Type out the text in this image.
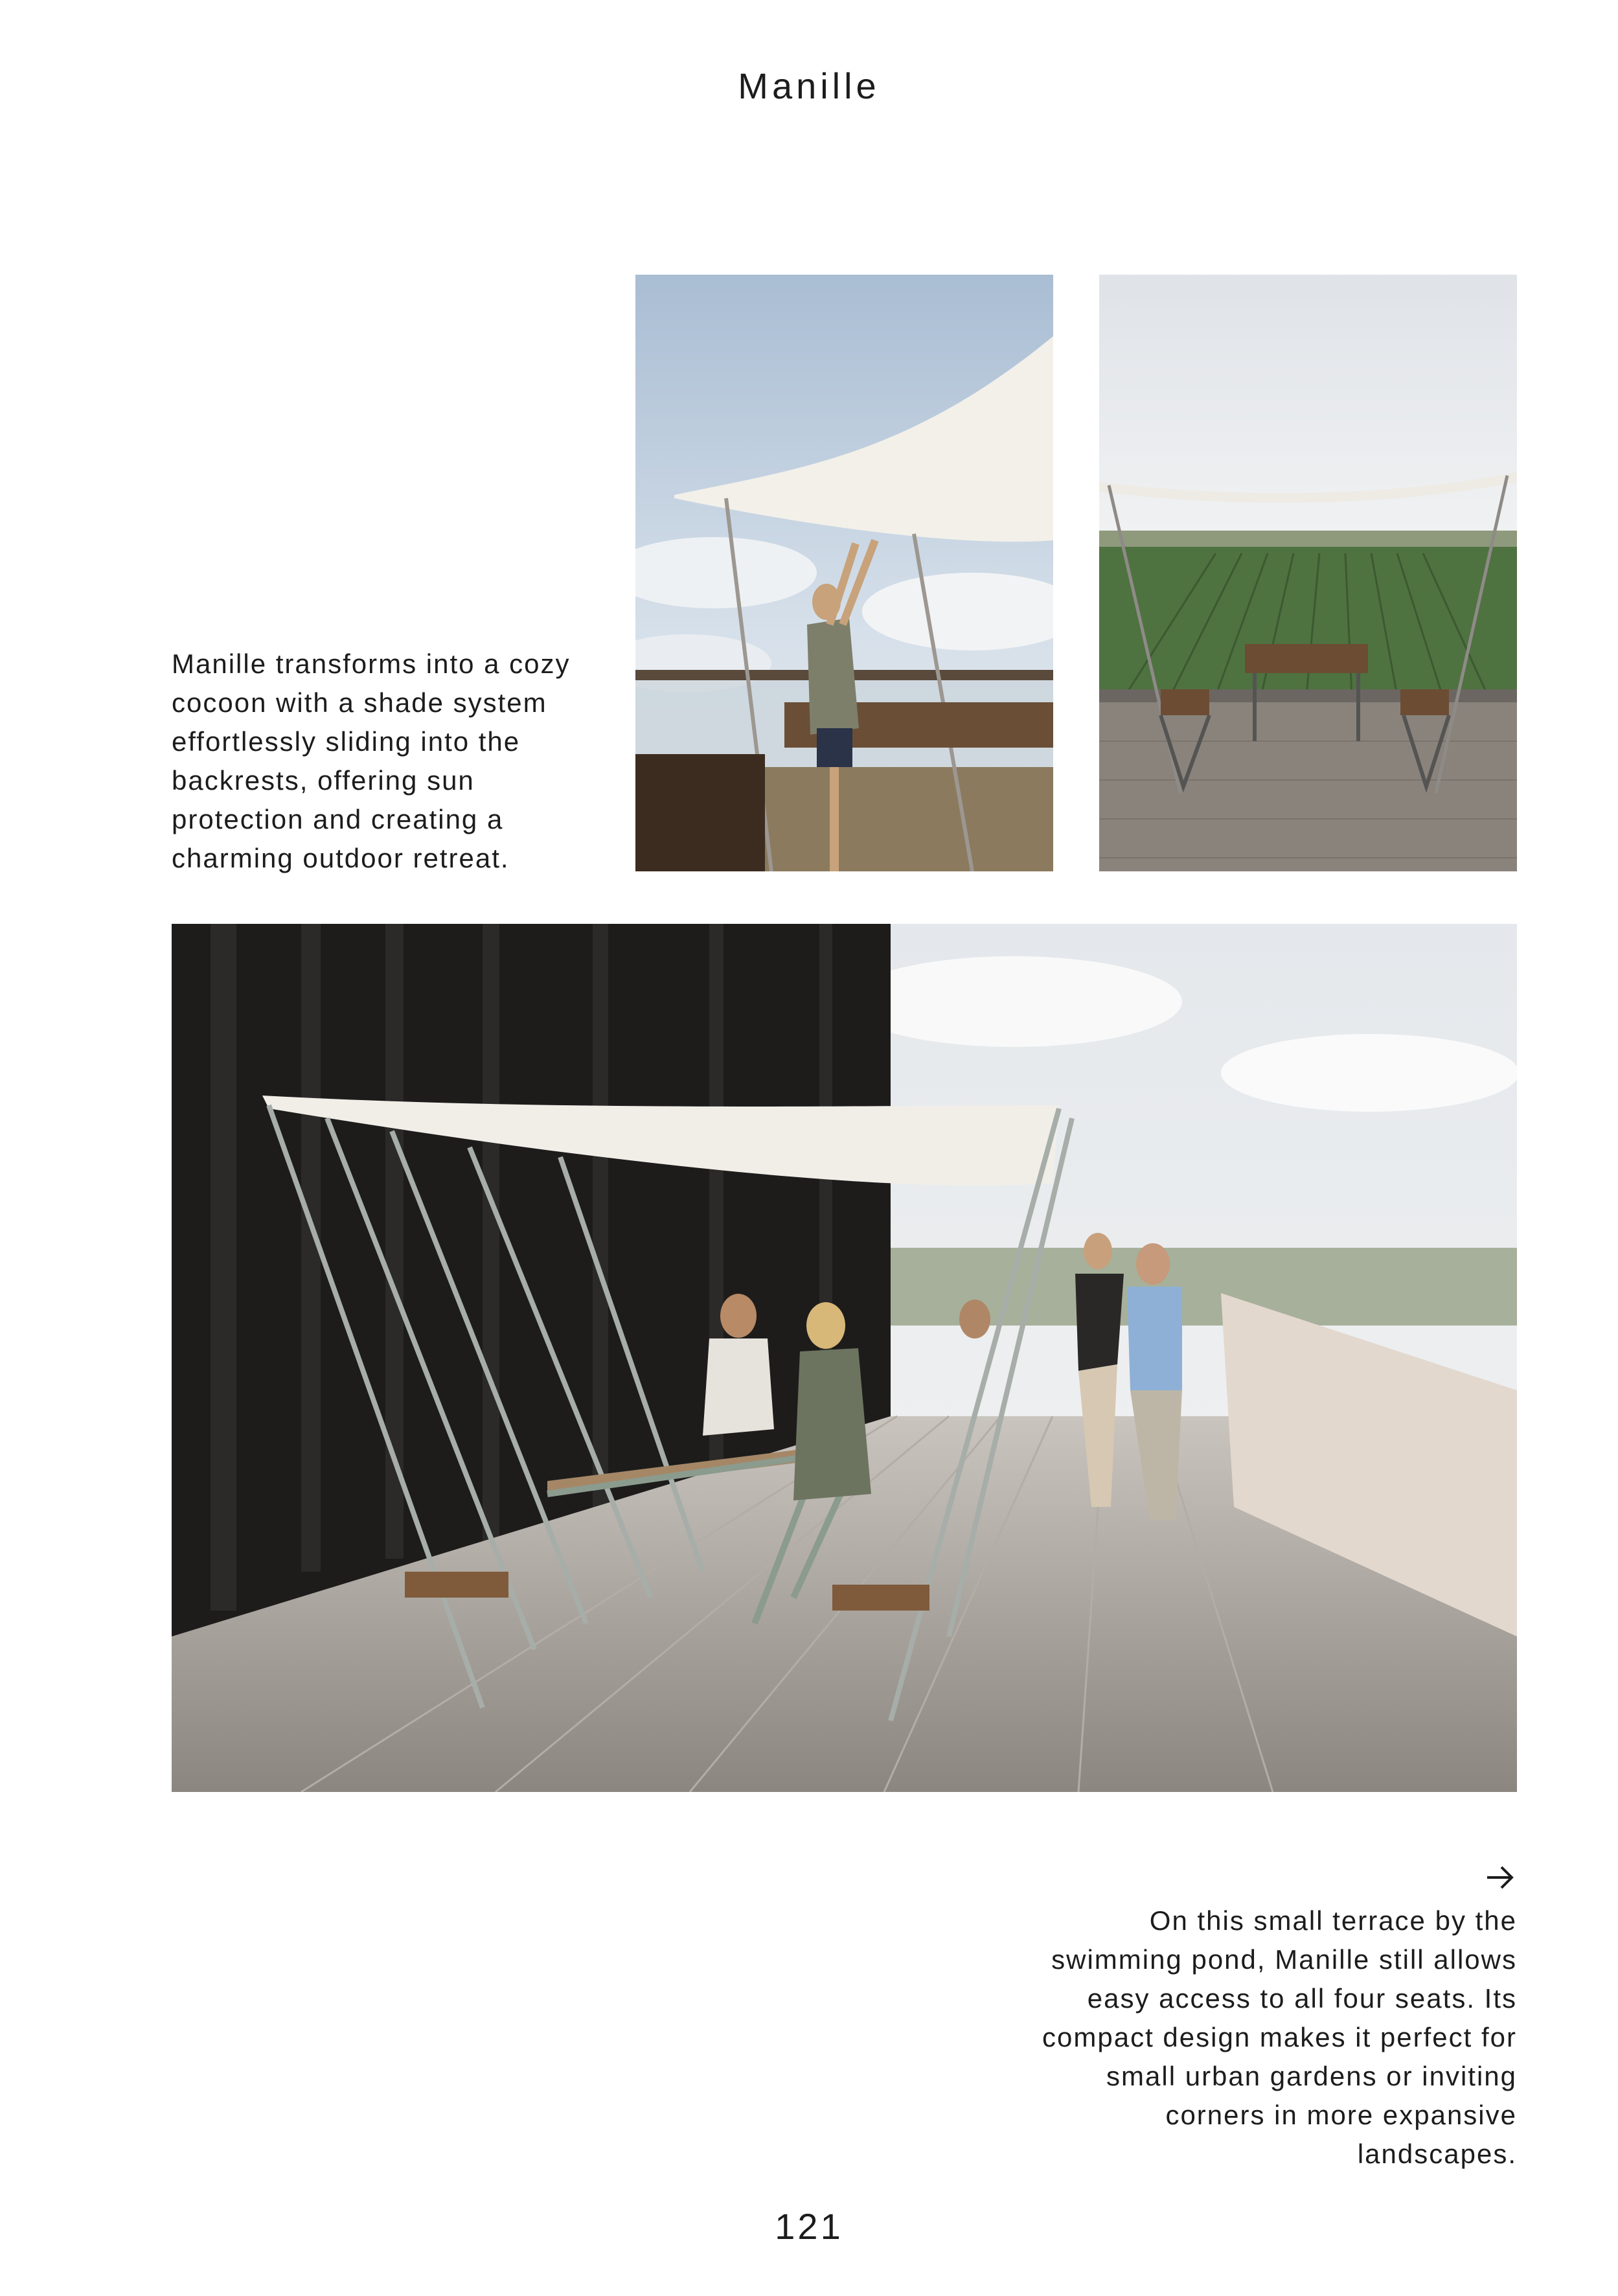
Manille
Manille transforms into a cozy cocoon with a shade system effortlessly sliding into the backrests, offering sun protection and creating a charming outdoor retreat.
On this small terrace by the swimming pond, Manille still allows easy access to all four seats. Its compact design makes it perfect for small urban gardens or inviting corners in more expansive landscapes.
121
